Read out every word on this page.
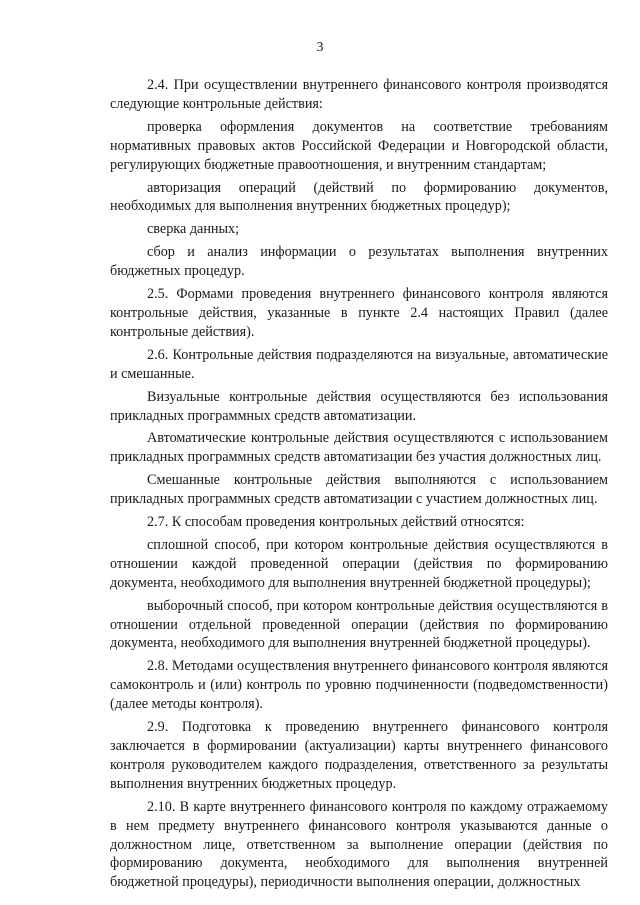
3

2.4. При осуществлении внутреннего финансового контроля производятся следующие контрольные действия:

проверка оформления документов на соответствие требованиям нормативных правовых актов Российской Федерации и Новгородской области, регулирующих бюджетные правоотношения, и внутренним стандартам;

авторизация операций (действий по формированию документов, необходимых для выполнения внутренних бюджетных процедур);

сверка данных;

сбор и анализ информации о результатах выполнения внутренних бюджетных процедур.

2.5. Формами проведения внутреннего финансового контроля являются контрольные действия, указанные в пункте 2.4 настоящих Правил (далее контрольные действия).

2.6. Контрольные действия подразделяются на визуальные, автоматические и смешанные.

Визуальные контрольные действия осуществляются без использования прикладных программных средств автоматизации.

Автоматические контрольные действия осуществляются с использованием прикладных программных средств автоматизации без участия должностных лиц.

Смешанные контрольные действия выполняются с использованием прикладных программных средств автоматизации с участием должностных лиц.

2.7. К способам проведения контрольных действий относятся:

сплошной способ, при котором контрольные действия осуществляются в отношении каждой проведенной операции (действия по формированию документа, необходимого для выполнения внутренней бюджетной процедуры);

выборочный способ, при котором контрольные действия осуществляются в отношении отдельной проведенной операции (действия по формированию документа, необходимого для выполнения внутренней бюджетной процедуры).

2.8. Методами осуществления внутреннего финансового контроля являются самоконтроль и (или) контроль по уровню подчиненности (подведомственности) (далее методы контроля).

2.9. Подготовка к проведению внутреннего финансового контроля заключается в формировании (актуализации) карты внутреннего финансового контроля руководителем каждого подразделения, ответственного за результаты выполнения внутренних бюджетных процедур.

2.10. В карте внутреннего финансового контроля по каждому отражаемому в нем предмету внутреннего финансового контроля указываются данные о должностном лице, ответственном за выполнение операции (действия по формированию документа, необходимого для выполнения внутренней бюджетной процедуры), периодичности выполнения операции, должностных
